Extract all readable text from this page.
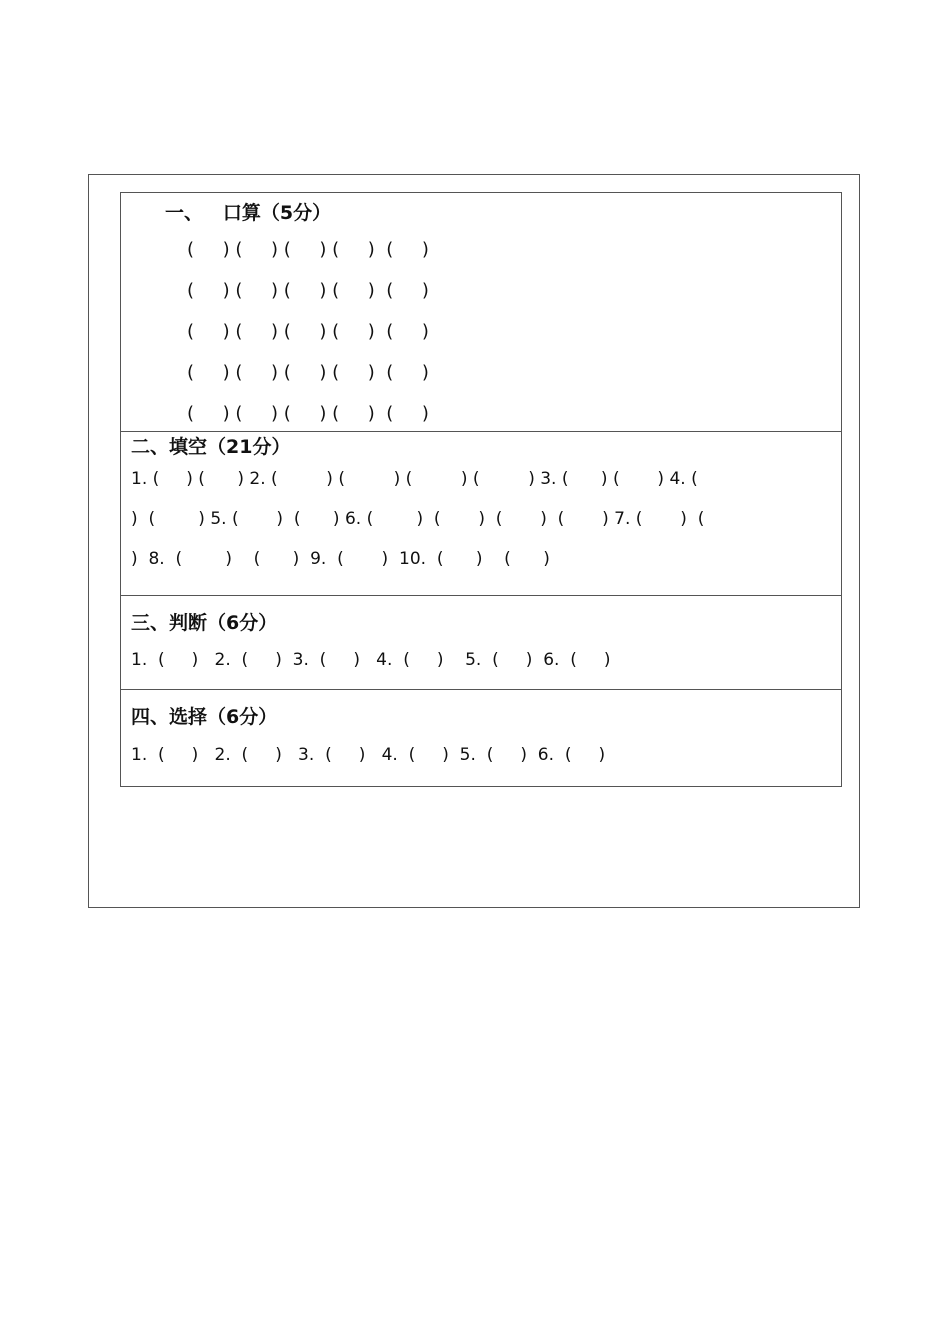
一、   口算（5分）
(     ) (     ) (     ) (     )  (     )
(     ) (     ) (     ) (     )  (     )
(     ) (     ) (     ) (     )  (     )
(     ) (     ) (     ) (     )  (     )
(     ) (     ) (     ) (     )  (     )
二、填空（21分）
1. (     ) (      ) 2. (         ) (         ) (         ) (         ) 3. (      ) (       ) 4. (
)  (        ) 5. (       )  (      ) 6. (        )  (       )  (       )  (       ) 7. (       )  (
)  8.  (        )    (      )  9.  (       )  10.  (      )    (      )
三、判断（6分）
1.  (     )   2.  (     )  3.  (     )   4.  (     )    5.  (     )  6.  (     )
四、选择（6分）
1.  (     )   2.  (     )   3.  (     )   4.  (     )  5.  (     )  6.  (     )
